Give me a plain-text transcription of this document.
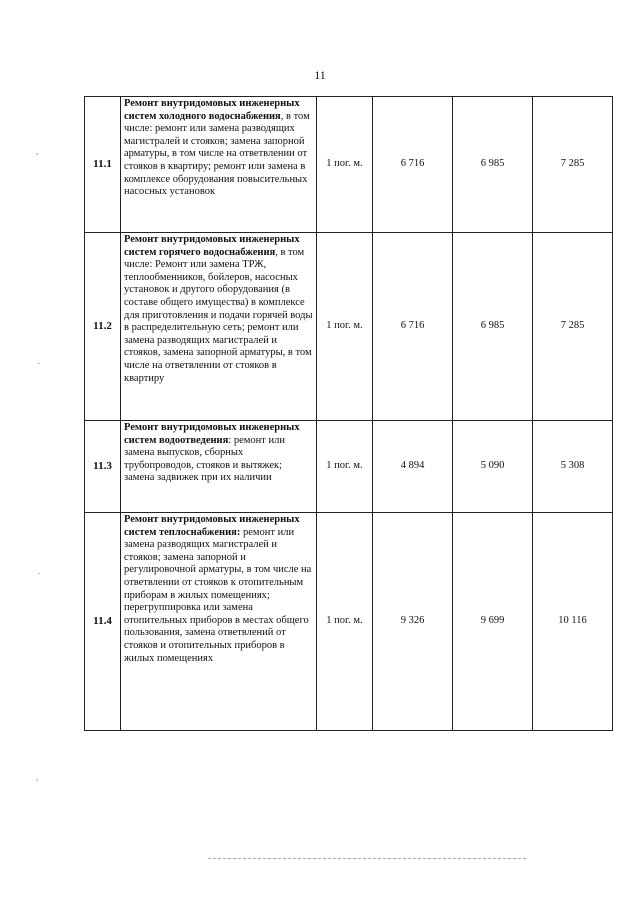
11
11.1	Ремонт внутридомовых инженерных систем холодного водоснабжения, в том числе: ремонт или замена разводящих магистралей и стояков; замена запорной арматуры, в том числе на ответвлении от стояков в квартиру; ремонт или замена в комплексе оборудования повысительных насосных установок	1 пог. м.	6 716	6 985	7 285
11.2	Ремонт внутридомовых инженерных систем горячего водоснабжения, в том числе: Ремонт или замена ТРЖ, теплообменников, бойлеров, насосных установок и другого оборудования (в составе общего имущества) в комплексе для приготовления и подачи горячей воды в распределительную сеть; ремонт или замена разводящих магистралей и стояков, замена запорной арматуры, в том числе на ответвлении от стояков в квартиру	1 пог. м.	6 716	6 985	7 285
11.3	Ремонт внутридомовых инженерных систем водоотведения: ремонт или замена выпусков, сборных трубопроводов, стояков и вытяжек; замена задвижек при их наличии	1 пог. м.	4 894	5 090	5 308
11.4	Ремонт внутридомовых инженерных систем теплоснабжения: ремонт или замена разводящих магистралей и стояков; замена запорной и регулировочной арматуры, в том числе на ответвлении от стояков к отопительным приборам в жилых помещениях; перегруппировка или замена отопительных приборов в местах общего пользования, замена ответвлений от стояков и отопительных приборов в жилых помещениях	1 пог. м.	9 326	9 699	10 116
,
.
.
,
